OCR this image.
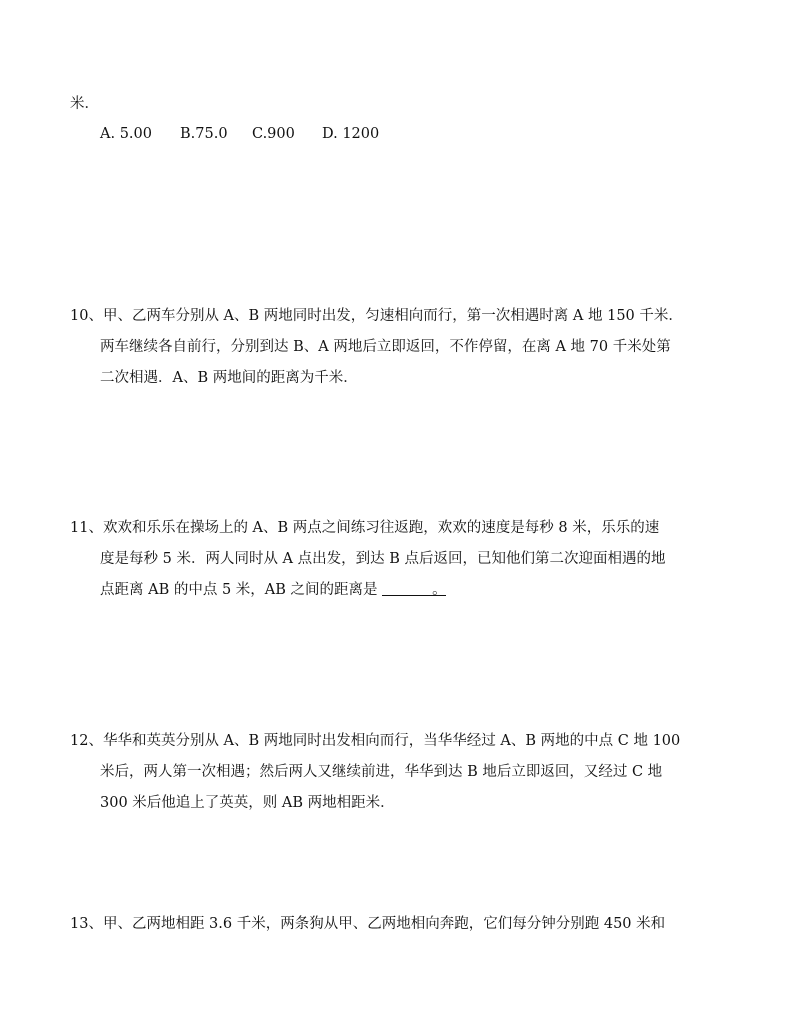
米．
A. 5.00 B.75.0 C.900 D. 1200
10、甲、乙两车分别从 A、B 两地同时出发，匀速相向而行，第一次相遇时离 A 地 150 千米．
两车继续各自前行，分别到达 B、A 两地后立即返回，不作停留，在离 A 地 70 千米处第
二次相遇．A、B 两地间的距离为千米．
11、欢欢和乐乐在操场上的 A、B 两点之间练习往返跑，欢欢的速度是每秒 8 米，乐乐的速
度是每秒 5 米．两人同时从 A 点出发，到达 B 点后返回，已知他们第二次迎面相遇的地
点距离 AB 的中点 5 米，AB 之间的距离是	。
12、华华和英英分别从 A、B 两地同时出发相向而行，当华华经过 A、B 两地的中点 C 地 100
米后，两人第一次相遇；然后两人又继续前进，华华到达 B 地后立即返回，又经过 C 地
300 米后他追上了英英，则 AB 两地相距米．
13、甲、乙两地相距 3.6 千米，两条狗从甲、乙两地相向奔跑，它们每分钟分别跑 450 米和
